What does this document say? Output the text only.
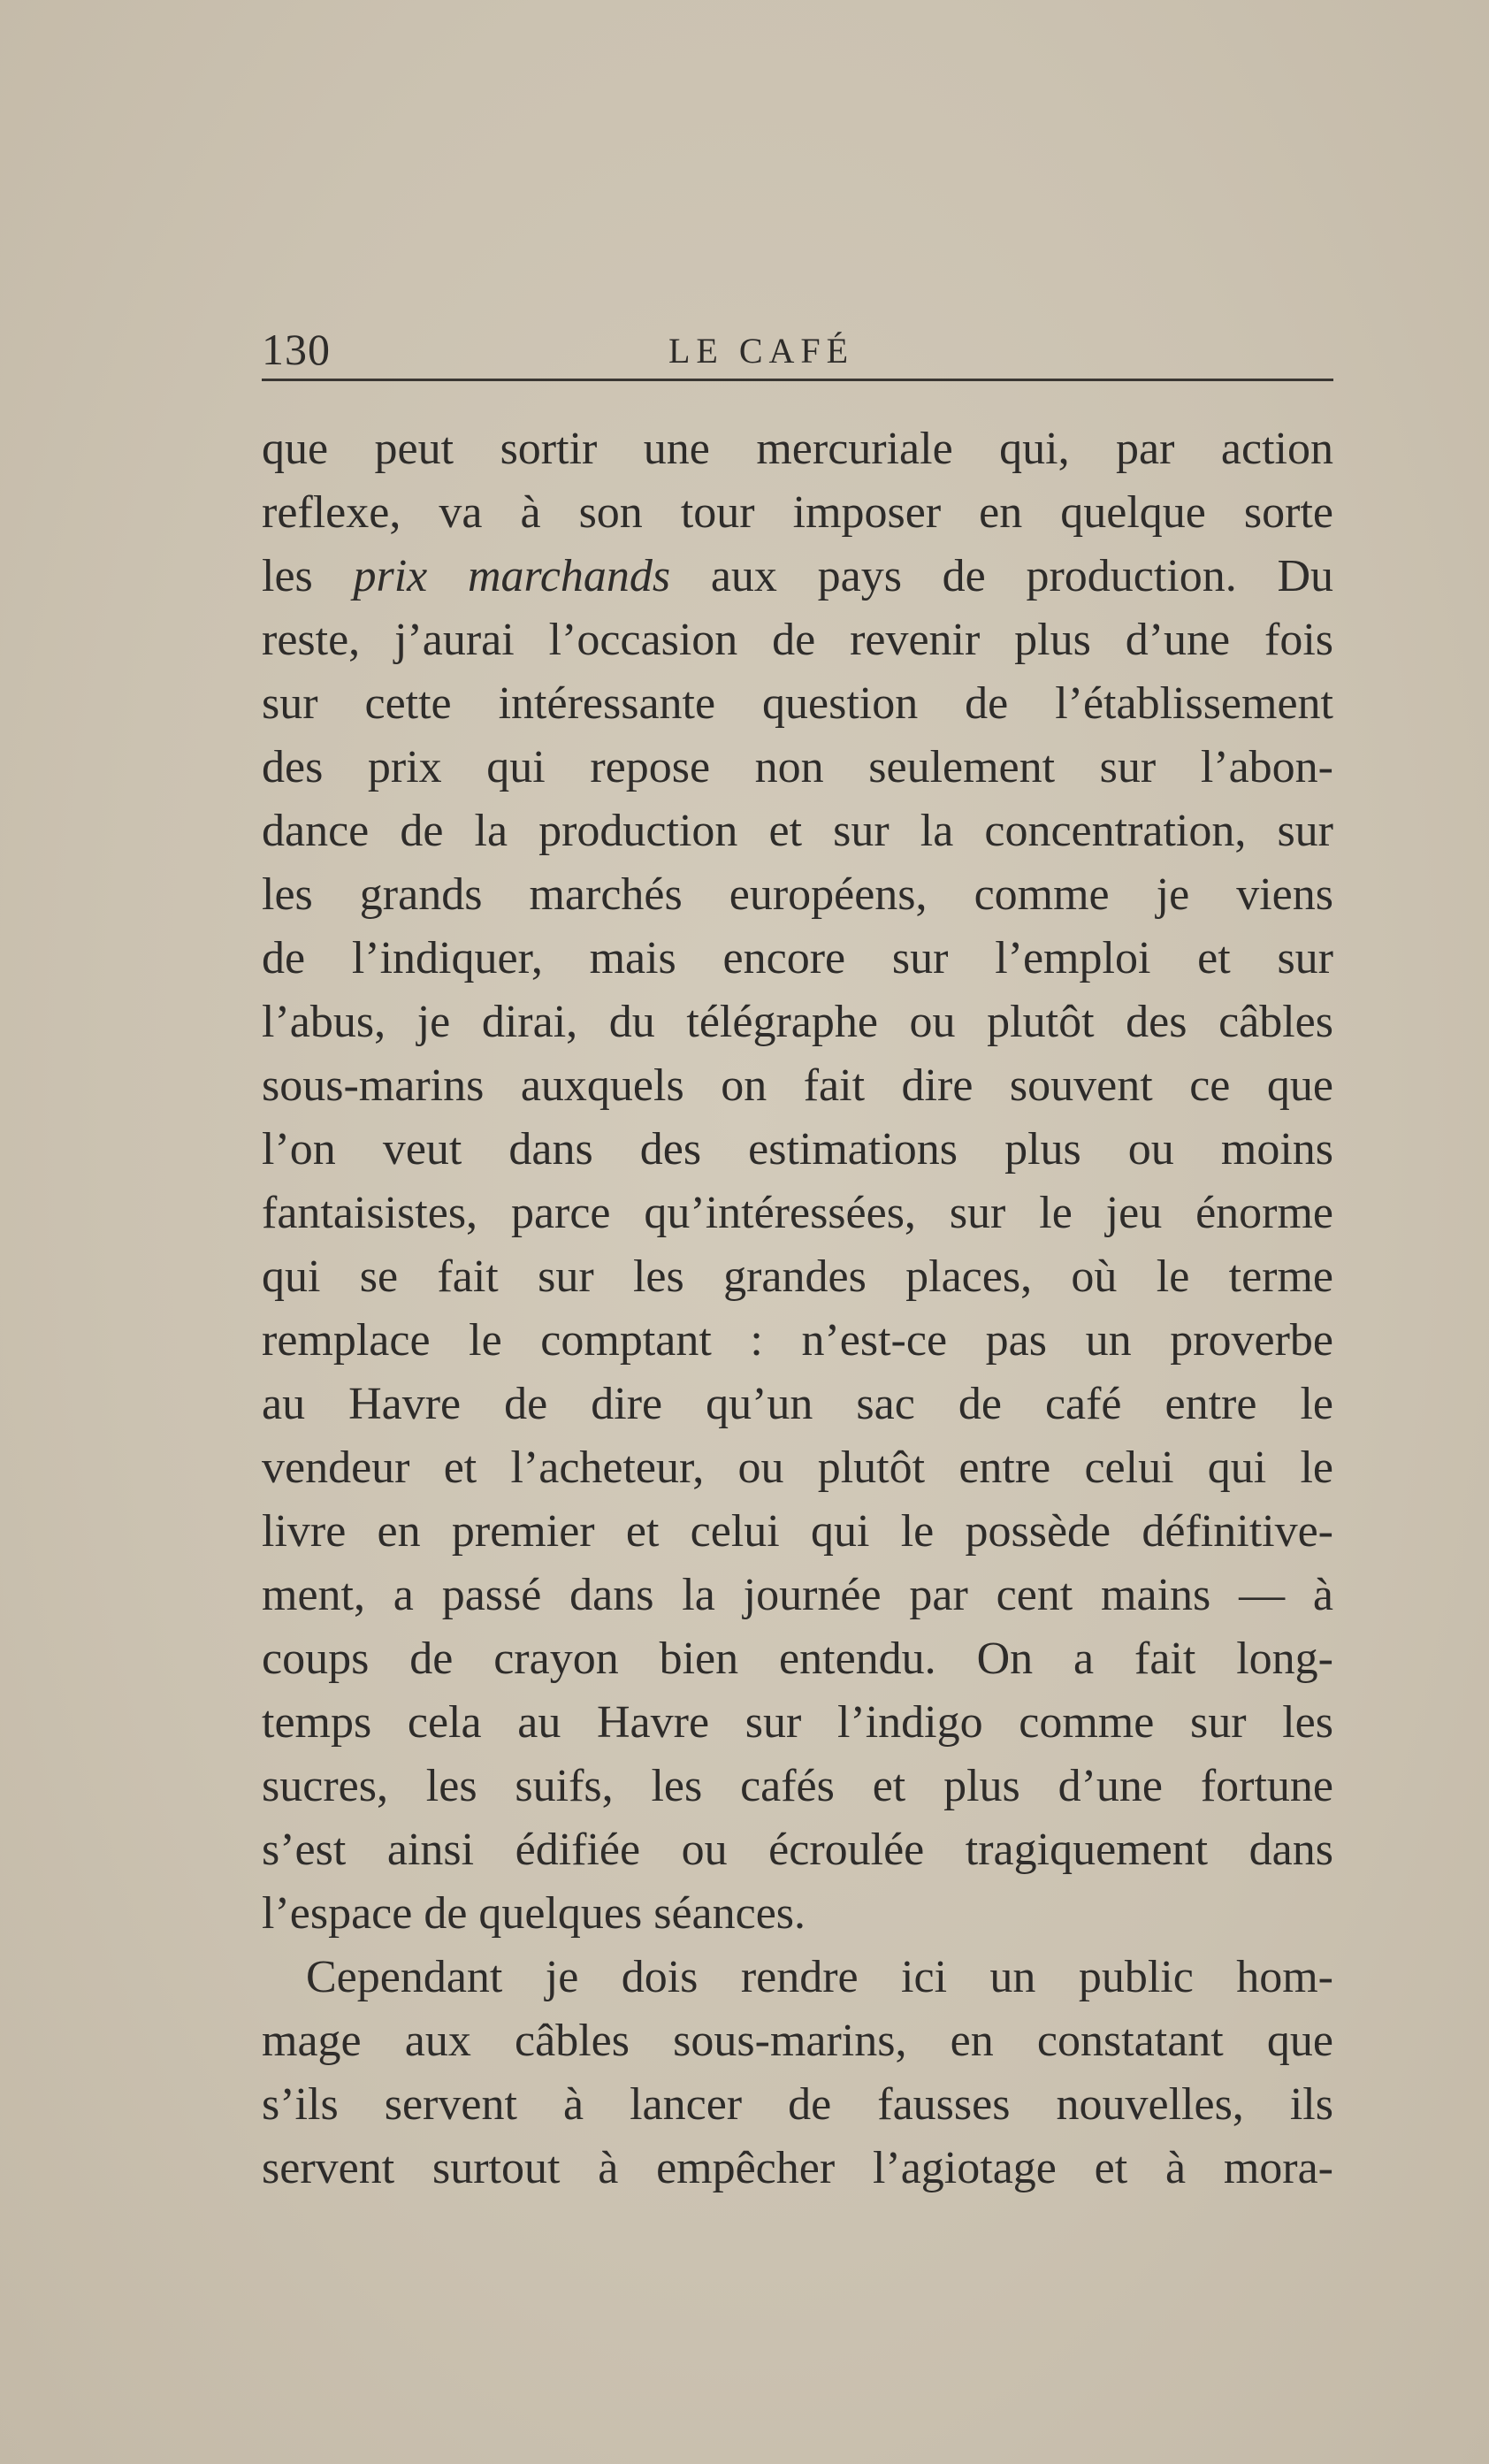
130	LE CAFÉ
que peut sortir une mercuriale qui, par action
reflexe, va à son tour imposer en quelque sorte
les prix marchands aux pays de production. Du
reste, j’aurai l’occasion de revenir plus d’une fois
sur cette intéressante question de l’établissement
des prix qui repose non seulement sur l’abon-
dance de la production et sur la concentration, sur
les grands marchés européens, comme je viens
de l’indiquer, mais encore sur l’emploi et sur
l’abus, je dirai, du télégraphe ou plutôt des câbles
sous-marins auxquels on fait dire souvent ce que
l’on veut dans des estimations plus ou moins
fantaisistes, parce qu’intéressées, sur le jeu énorme
qui se fait sur les grandes places, où le terme
remplace le comptant : n’est-ce pas un proverbe
au Havre de dire qu’un sac de café entre le
vendeur et l’acheteur, ou plutôt entre celui qui le
livre en premier et celui qui le possède définitive-
ment, a passé dans la journée par cent mains — à
coups de crayon bien entendu. On a fait long-
temps cela au Havre sur l’indigo comme sur les
sucres, les suifs, les cafés et plus d’une fortune
s’est ainsi édifiée ou écroulée tragiquement dans
l’espace de quelques séances.
Cependant je dois rendre ici un public hom-
mage aux câbles sous-marins, en constatant que
s’ils servent à lancer de fausses nouvelles, ils
servent surtout à empêcher l’agiotage et à mora-
